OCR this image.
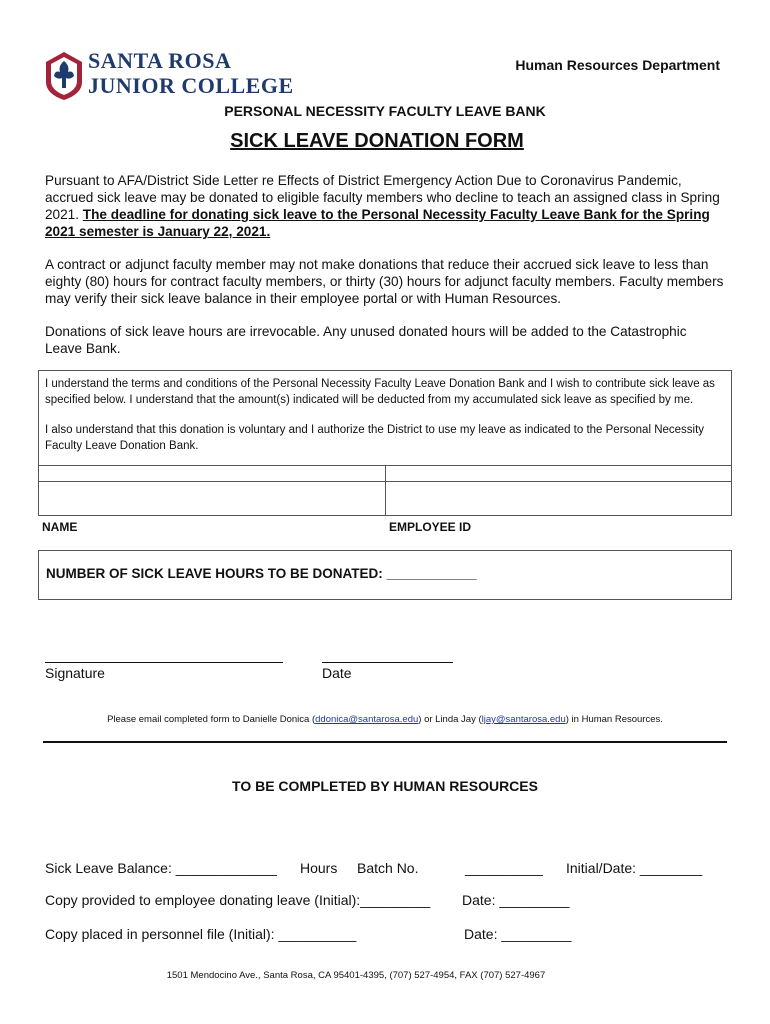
SANTA ROSA
JUNIOR COLLEGE
Human Resources Department
PERSONAL NECESSITY FACULTY LEAVE BANK
SICK LEAVE DONATION FORM
Pursuant to AFA/District Side Letter re Effects of District Emergency Action Due to Coronavirus Pandemic, accrued sick leave may be donated to eligible faculty members who decline to teach an assigned class in Spring 2021. The deadline for donating sick leave to the Personal Necessity Faculty Leave Bank for the Spring 2021 semester is January 22, 2021.
A contract or adjunct faculty member may not make donations that reduce their accrued sick leave to less than eighty (80) hours for contract faculty members, or thirty (30) hours for adjunct faculty members. Faculty members may verify their sick leave balance in their employee portal or with Human Resources.
Donations of sick leave hours are irrevocable. Any unused donated hours will be added to the Catastrophic Leave Bank.

I understand the terms and conditions of the Personal Necessity Faculty Leave Donation Bank and I wish to contribute sick leave as specified below. I understand that the amount(s) indicated will be deducted from my accumulated sick leave as specified by me.

I also understand that this donation is voluntary and I authorize the District to use my leave as indicated to the Personal Necessity Faculty Leave Donation Bank.

NAME	EMPLOYEE ID
NUMBER OF SICK LEAVE HOURS TO BE DONATED: ____________
Signature	Date
Please email completed form to Danielle Donica (ddonica@santarosa.edu) or Linda Jay (ljay@santarosa.edu) in Human Resources.
TO BE COMPLETED BY HUMAN RESOURCES
Sick Leave Balance: _____________ Hours Batch No.	__________ Initial/Date: ________
Copy provided to employee donating leave (Initial):_________ Date: _________
Copy placed in personnel file (Initial): __________	Date: _________
1501 Mendocino Ave., Santa Rosa, CA 95401-4395, (707) 527-4954, FAX (707) 527-4967
